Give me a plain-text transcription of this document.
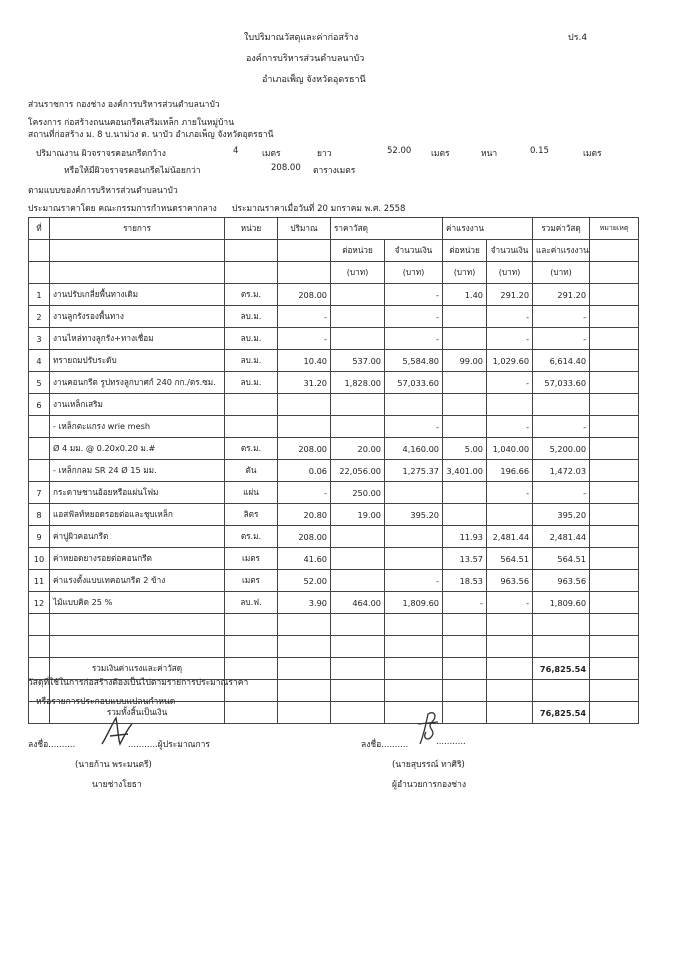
ใบปริมาณวัสดุและค่าก่อสร้าง
องค์การบริหารส่วนตำบลนาบัว
อำเภอเพ็ญ จังหวัดอุดรธานี
ปร.4
ส่วนราชการ กองช่าง องค์การบริหารส่วนตำบลนาบัว
โครงการ ก่อสร้างถนนคอนกรีตเสริมเหล็ก ภายในหมู่บ้าน
สถานที่ก่อสร้าง ม. 8 บ.นาม่วง ต. นาบัว อำเภอเพ็ญ จังหวัดอุดรธานี
ปริมาณงาน ผิวจราจรคอนกรีตกว้าง	4	เมตร	ยาว	52.00 เมตร	หนา	0.15	เมตร
หรือให้มีผิวจราจรคอนกรีตไม่น้อยกว่า	208.00 ตารางเมตร
ตามแบบของค์การบริหารส่วนตำบลนาบัว
ประมาณราคาโดย คณะกรรมการกำหนดราคากลาง ประมาณราคาเมื่อวันที่ 20 มกราคม พ.ศ. 2558
ที่	รายการ	หน่วย	ปริมาณ	ราคาวัสดุ		ค่าแรงงาน		รวมค่าวัสดุ	หมายเหตุ
				ต่อหน่วย	จำนวนเงิน	ต่อหน่วย	จำนวนเงิน	และค่าแรงงาน	
				(บาท)	(บาท)	(บาท)	(บาท)	(บาท)	
1	งานปรับเกลี่ยพื้นทางเดิม	ตร.ม.	208.00		-	1.40	291.20	291.20	
2	งานลูกรังรองพื้นทาง	ลบ.ม.	-		-		-	-	
3	งานไหล่ทางลูกรัง+ทางเชื่อม	ลบ.ม.	-		-		-	-	
4	ทรายถมปรับระดับ	ลบ.ม.	10.40	537.00	5,584.80	99.00	1,029.60	6,614.40	
5	งานคอนกรีต รูปทรงลูกบาศก์ 240 กก./ตร.ซม.	ลบ.ม.	31.20	1,828.00	57,033.60		-	57,033.60	
6	งานเหล็กเสริม								
	- เหล็กตะแกรง wrie mesh				-		-	-	
	Ø 4 มม. @ 0.20x0.20 ม.#	ตร.ม.	208.00	20.00	4,160.00	5.00	1,040.00	5,200.00	
	- เหล็กกลม SR 24 Ø 15 มม.	ตัน	0.06	22,056.00	1,275.37	3,401.00	196.66	1,472.03	
7	กระดาษชานอ้อยหรือแผ่นโฟม	แผ่น	-	250.00			-	-	
8	แอสฟัลท์หยอดรอยต่อและชุบเหล็ก	ลิตร	20.80	19.00	395.20			395.20	
9	ค่าปูผิวคอนกรีต	ตร.ม.	208.00			11.93	2,481.44	2,481.44	
10	ค่าหยอดยางรอยต่อคอนกรีต	เมตร	41.60			13.57	564.51	564.51	
11	ค่าแรงตั้งแบบเทคอนกรีต 2 ข้าง	เมตร	52.00		-	18.53	963.56	963.56	
12	ไม้แบบคิด 25 %	ลบ.ฟ.	3.90	464.00	1,809.60	-	-	1,809.60	

	รวมเงินค่าแรงและค่าวัสดุ							76,825.54	

	รวมทั้งสิ้นเป็นเงิน							76,825.54	
วัสดุที่ใช้ในการก่อสร้างต้องเป็นไปตามรายการประมาณราคา
หรือรายการประกอบแบบแปลนกำหนด
ลงชื่อ..........	...........ผู้ประมาณการ
(นายก้าน พระมนตรี)
นายช่างโยธา
ลงชื่อ..........	...........
(นายสุบรรณ์ ทาศิริ)
ผู้อำนวยการกองช่าง
